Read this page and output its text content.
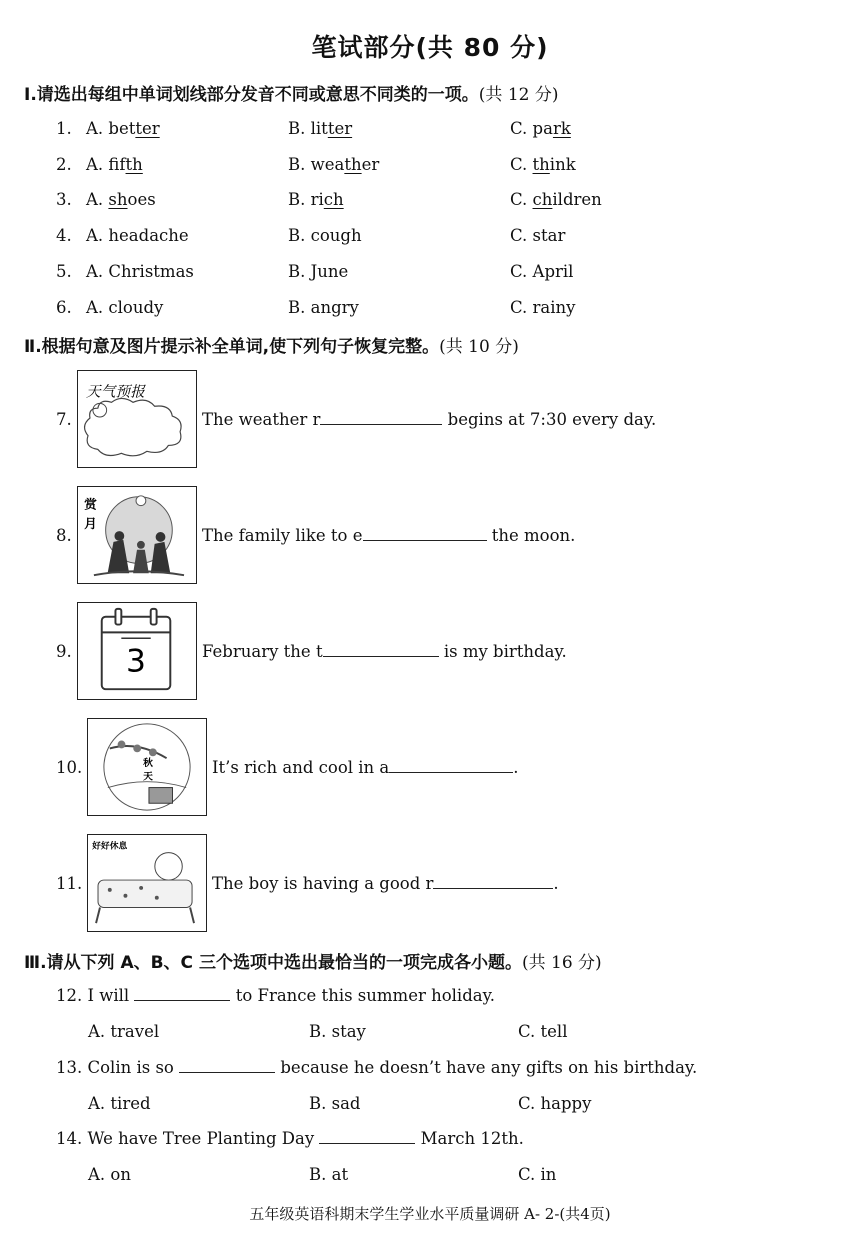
笔试部分(共 80 分)
Ⅰ.请选出每组中单词划线部分发音不同或意思不同类的一项。(共 12 分)
1. A. better	B. litter	C. park
2. A. fifth	B. weather	C. think
3. A. shoes	B. rich	C. children
4. A. headache	B. cough	C. star
5. A. Christmas	B. June	C. April
6. A. cloudy	B. angry	C. rainy
Ⅱ.根据句意及图片提示补全单词,使下列句子恢复完整。(共 10 分)
7.
天气预报
The weather r	begins at 7:30 every day.
8.
赏
月
The family like to e	the moon.
9. 3	February the t	is my birthday.
10.	秋
天
It’s rich and cool in a	.
11.
好好休息
The boy is having a good r	.
Ⅲ.请从下列 A、B、C 三个选项中选出最恰当的一项完成各小题。(共 16 分)
12. I will	to France this summer holiday.
A. travel	B. stay	C. tell
13. Colin is so	because he doesn’t have any gifts on his birthday.
A. tired	B. sad	C. happy
14. We have Tree Planting Day	March 12th.
A. on	B. at	C. in
五年级英语科期末学生学业水平质量调研 A- 2-(共4页)
